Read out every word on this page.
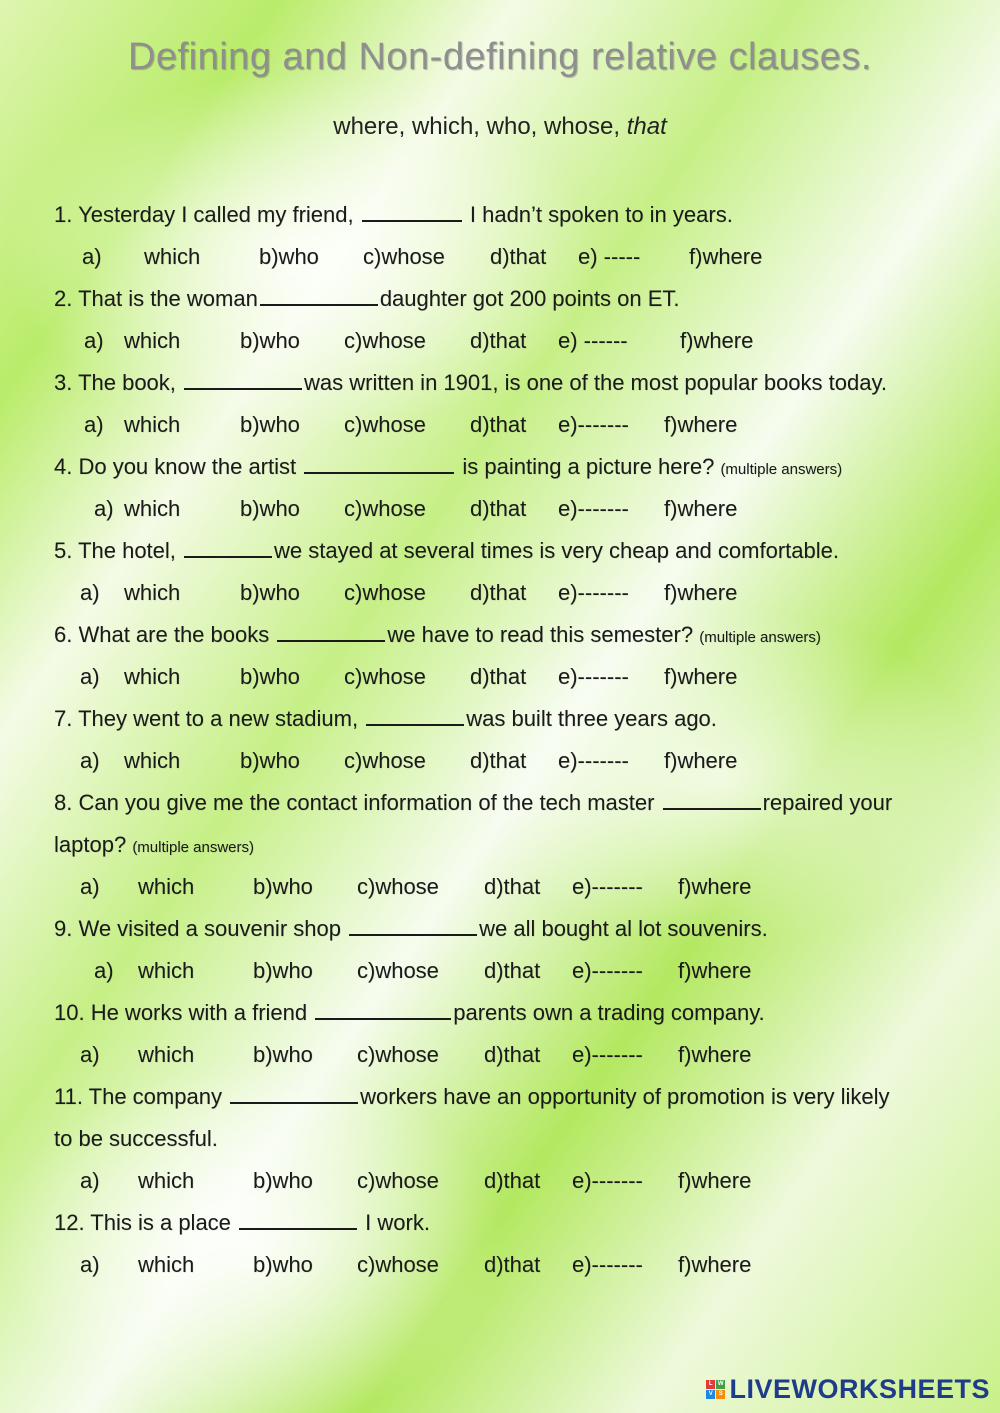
Defining and Non-defining relative clauses.
where, which, who, whose, that
1. Yesterday I called my friend,	I hadn’t spoken to in years.
a) which	b)who c)whose d)that e) ----- f)where
2. That is the woman	daughter got 200 points on ET.
a) which	b)who c)whose d)that e) ------ f)where
3. The book,	was written in 1901, is one of the most popular books today.
a) which	b)who c)whose d)that e)------- f)where
4. Do you know the artist	is painting a picture here? (multiple answers)
a) which	b)who c)whose d)that e)------- f)where
5. The hotel,	we stayed at several times is very cheap and comfortable.
a) which	b)who c)whose d)that e)------- f)where
6. What are the books	we have to read this semester? (multiple answers)
a) which	b)who c)whose d)that e)------- f)where
7. They went to a new stadium,	was built three years ago.
a) which	b)who c)whose d)that e)------- f)where
8. Can you give me the contact information of the tech master	repaired your
laptop? (multiple answers)
a) which	b)who c)whose d)that e)------- f)where
9. We visited a souvenir shop	we all bought al lot souvenirs.
a) which	b)who c)whose d)that e)------- f)where
10. He works with a friend	parents own a trading company.
a) which	b)who c)whose d)that e)------- f)where
11. The company	workers have an opportunity of promotion is very likely
to be successful.
a) which	b)who c)whose d)that e)------- f)where
12. This is a place	I work.
a) which	b)who c)whose d)that e)------- f)where
L W
V S LIVEWORKSHEETS
